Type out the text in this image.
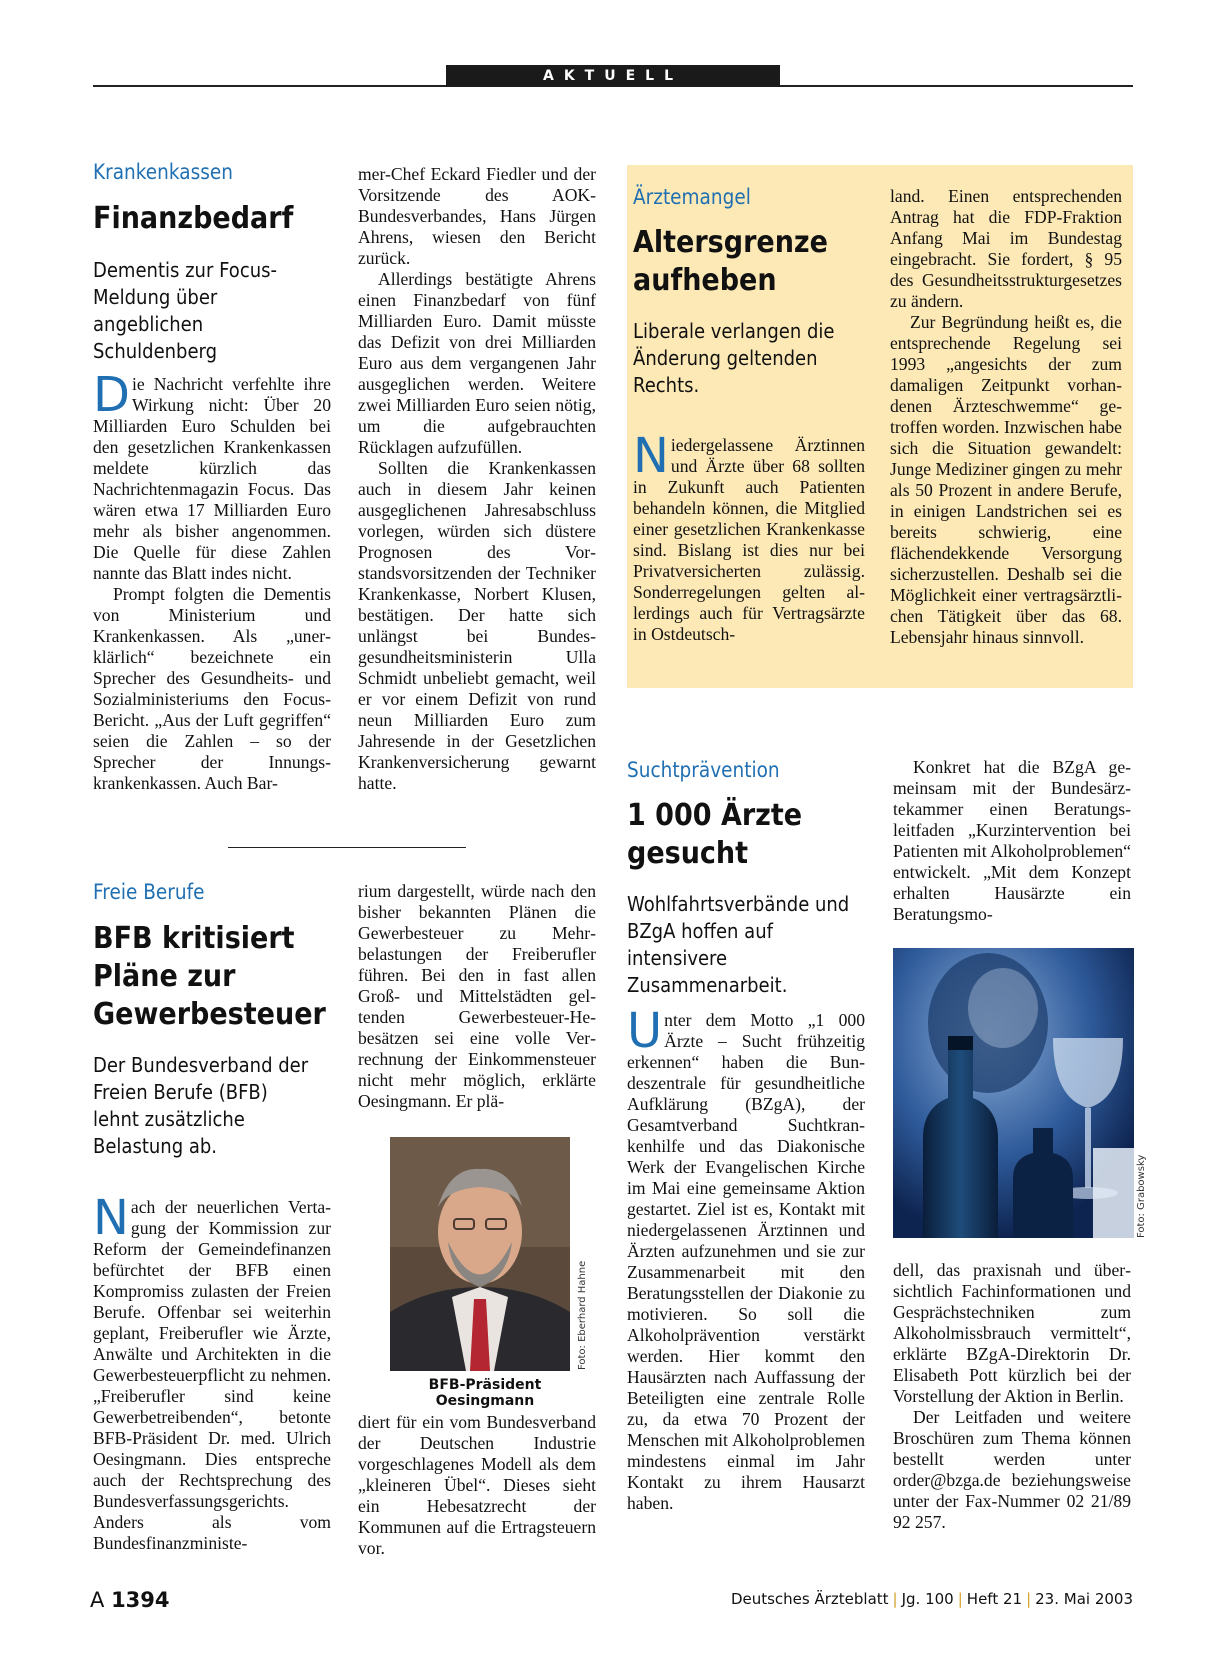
AKTUELL
Krankenkassen
Finanzbedarf
Dementis zur Focus-Meldung über angeblichen Schuldenberg

Die Nachricht verfehlte ihre Wirkung nicht: Über 20 Milliarden Euro Schulden bei den gesetzlichen Krankenkassen meldete kürzlich das Nachrichtenmagazin Focus. Das wären etwa 17 Milliarden Euro mehr als bisher angenommen. Die Quelle für diese Zahlen nannte das Blatt indes nicht.

Prompt folgten die Dementis von Ministerium und Krankenkassen. Als „unerklärlich“ bezeichnete ein Sprecher des Gesundheits- und Sozialministeriums den Focus-Bericht. „Aus der Luft gegriffen“ seien die Zahlen – so der Sprecher der Innungskrankenkassen. Auch Bar-

mer-Chef Eckard Fiedler und der Vorsitzende des AOK-Bundesverbandes, Hans Jürgen Ahrens, wiesen den Bericht zurück.

Allerdings bestätigte Ahrens einen Finanzbedarf von fünf Milliarden Euro. Damit müsste das Defizit von drei Milliarden Euro aus dem vergangenen Jahr ausgeglichen werden. Weitere zwei Milliarden Euro seien nötig, um die aufgebrauchten Rücklagen aufzufüllen.

Sollten die Krankenkassen auch in diesem Jahr keinen ausgeglichenen Jahresabschluss vorlegen, würden sich düstere Prognosen des Vorstandsvorsitzenden der Techniker Krankenkasse, Norbert Klusen, bestätigen. Der hatte sich unlängst bei Bundesgesundheitsministerin Ulla Schmidt unbeliebt gemacht, weil er vor einem Defizit von rund neun Milliarden Euro zum Jahresende in der Gesetzlichen Krankenversicherung gewarnt hatte.

Ärztemangel
Altersgrenze aufheben
Liberale verlangen die Änderung geltenden Rechts.

Niedergelassene Ärztinnen und Ärzte über 68 sollten in Zukunft auch Patienten behandeln können, die Mitglied einer gesetzlichen Krankenkasse sind. Bislang ist dies nur bei Privatversicherten zulässig. Sonderregelungen gelten allerdings auch für Vertragsärzte in Ostdeutsch-

land. Einen entsprechenden Antrag hat die FDP-Fraktion Anfang Mai im Bundestag eingebracht. Sie fordert, § 95 des Gesundheitsstrukturgesetzes zu ändern.

Zur Begründung heißt es, die entsprechende Regelung sei 1993 „angesichts der zum damaligen Zeitpunkt vorhandenen Ärzteschwemme“ getroffen worden. Inzwischen habe sich die Situation gewandelt: Junge Mediziner gingen zu mehr als 50 Prozent in andere Berufe, in einigen Landstrichen sei es bereits schwierig, eine flächendekkende Versorgung sicherzustellen. Deshalb sei die Möglichkeit einer vertragsärztlichen Tätigkeit über das 68. Lebensjahr hinaus sinnvoll.

Freie Berufe
BFB kritisiert Pläne zur Gewerbesteuer
Der Bundesverband der Freien Berufe (BFB) lehnt zusätzliche Belastung ab.

Nach der neuerlichen Vertagung der Kommission zur Reform der Gemeindefinanzen befürchtet der BFB einen Kompromiss zulasten der Freien Berufe. Offenbar sei weiterhin geplant, Freiberufler wie Ärzte, Anwälte und Architekten in die Gewerbesteuerpflicht zu nehmen. „Freiberufler sind keine Gewerbetreibenden“, betonte BFB-Präsident Dr. med. Ulrich Oesingmann. Dies entspreche auch der Rechtsprechung des Bundesverfassungsgerichts. Anders als vom Bundesfinanzministe-

rium dargestellt, würde nach den bisher bekannten Plänen die Gewerbesteuer zu Mehrbelastungen der Freiberufler führen. Bei den in fast allen Groß- und Mittelstädten geltenden Gewerbesteuer-Hebesätzen sei eine volle Verrechnung der Einkommensteuer nicht mehr möglich, erklärte Oesingmann. Er plä-

Foto: Eberhard Hahne
BFB-Präsident Oesingmann

diert für ein vom Bundesverband der Deutschen Industrie vorgeschlagenes Modell als dem „kleineren Übel“. Dieses sieht ein Hebesatzrecht der Kommunen auf die Ertragsteuern vor.

Suchtprävention
1 000 Ärzte gesucht
Wohlfahrtsverbände und BZgA hoffen auf intensivere Zusammenarbeit.

Unter dem Motto „1 000 Ärzte – Sucht frühzeitig erkennen“ haben die Bundeszentrale für gesundheitliche Aufklärung (BZgA), der Gesamtverband Suchtkrankenhilfe und das Diakonische Werk der Evangelischen Kirche im Mai eine gemeinsame Aktion gestartet. Ziel ist es, Kontakt mit niedergelassenen Ärztinnen und Ärzten aufzunehmen und sie zur Zusammenarbeit mit den Beratungsstellen der Diakonie zu motivieren. So soll die Alkoholprävention verstärkt werden. Hier kommt den Hausärzten nach Auffassung der Beteiligten eine zentrale Rolle zu, da etwa 70 Prozent der Menschen mit Alkoholproblemen mindestens einmal im Jahr Kontakt zu ihrem Hausarzt haben.

Konkret hat die BZgA gemeinsam mit der Bundesärztekammer einen Beratungsleitfaden „Kurzintervention bei Patienten mit Alkoholproblemen“ entwickelt. „Mit dem Konzept erhalten Hausärzte ein Beratungsmo-

Foto: Grabowsky

dell, das praxisnah und übersichtlich Fachinformationen und Gesprächstechniken zum Alkoholmissbrauch vermittelt“, erklärte BZgA-Direktorin Dr. Elisabeth Pott kürzlich bei der Vorstellung der Aktion in Berlin.

Der Leitfaden und weitere Broschüren zum Thema können bestellt werden unter order@bzga.de beziehungsweise unter der Fax-Nummer 02 21/89 92 257.

A 1394	Deutsches Ärzteblatt | Jg. 100 | Heft 21 | 23. Mai 2003
